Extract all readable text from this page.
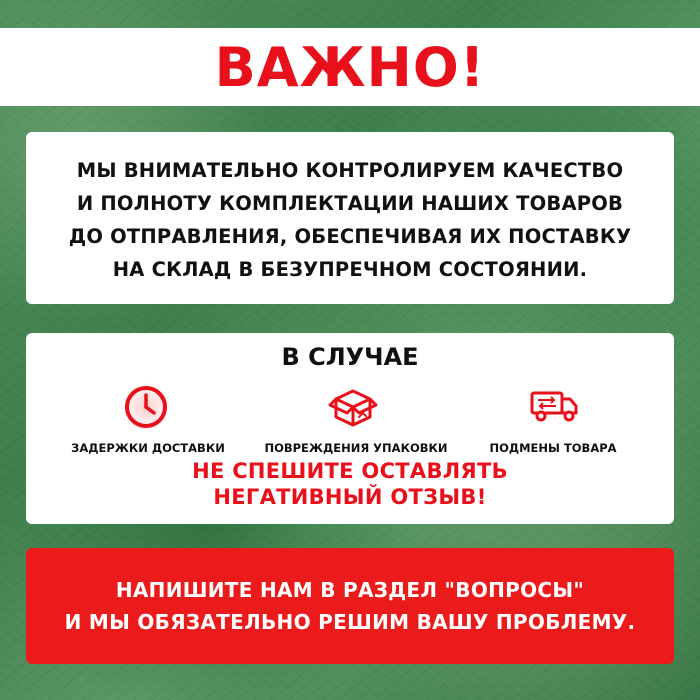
ВАЖНО!
МЫ ВНИМАТЕЛЬНО КОНТРОЛИРУЕМ КАЧЕСТВО
И ПОЛНОТУ КОМПЛЕКТАЦИИ НАШИХ ТОВАРОВ
ДО ОТПРАВЛЕНИЯ, ОБЕСПЕЧИВАЯ ИХ ПОСТАВКУ
НА СКЛАД В БЕЗУПРЕЧНОМ СОСТОЯНИИ.
В СЛУЧАЕ
ЗАДЕРЖКИ ДОСТАВКИ	ПОВРЕЖДЕНИЯ УПАКОВКИ	ПОДМЕНЫ ТОВАРА
НЕ СПЕШИТЕ ОСТАВЛЯТЬ
НЕГАТИВНЫЙ ОТЗЫВ!
НАПИШИТЕ НАМ В РАЗДЕЛ "ВОПРОСЫ"
И МЫ ОБЯЗАТЕЛЬНО РЕШИМ ВАШУ ПРОБЛЕМУ.
